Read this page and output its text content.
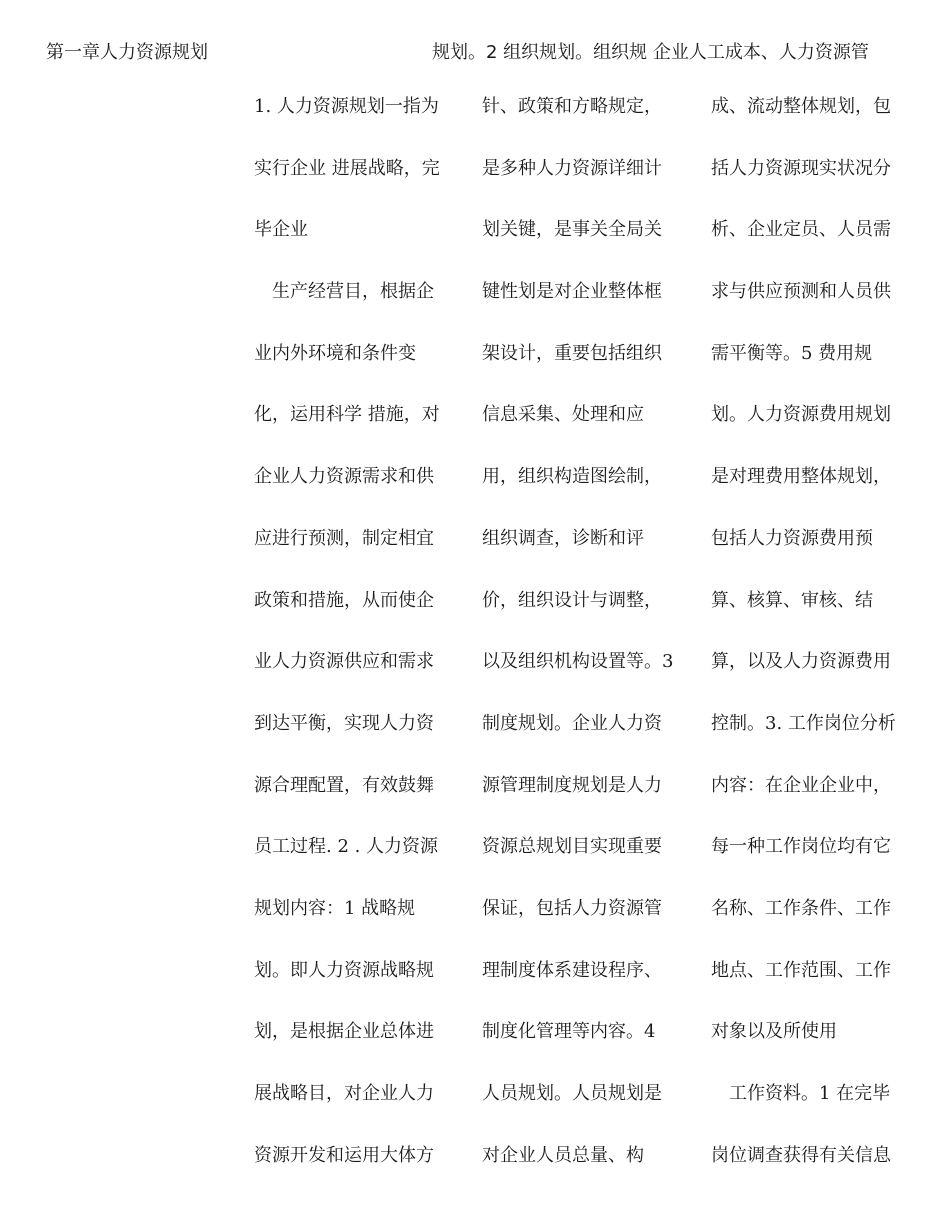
第一章人力资源规划	规划。2 组织规划。组织规 企业人工成本、人力资源管
1. 人力资源规划一指为
实行企业 进展战略，完
毕企业
　生产经营目，根据企
业内外环境和条件变
化，运用科学 措施，对
企业人力资源需求和供
应进行预测，制定相宜
政策和措施，从而使企
业人力资源供应和需求
到达平衡，实现人力资
源合理配置，有效鼓舞
员工过程. 2 . 人力资源
规划内容：1 战略规
划。即人力资源战略规
划，是根据企业总体进
展战略目，对企业人力
资源开发和运用大体方
针、政策和方略规定，
是多种人力资源详细计
划关键，是事关全局关
键性划是对企业整体框
架设计，重要包括组织
信息采集、处理和应
用，组织构造图绘制，
组织调查，诊断和评
价，组织设计与调整，
以及组织机构设置等。3
制度规划。企业人力资
源管理制度规划是人力
资源总规划目实现重要
保证，包括人力资源管
理制度体系建设程序、
制度化管理等内容。4
人员规划。人员规划是
对企业人员总量、构
成、流动整体规划，包
括人力资源现实状况分
析、企业定员、人员需
求与供应预测和人员供
需平衡等。5 费用规
划。人力资源费用规划
是对理费用整体规划，
包括人力资源费用预
算、核算、审核、结
算，以及人力资源费用
控制。3. 工作岗位分析
内容：在企业企业中，
每一种工作岗位均有它
名称、工作条件、工作
地点、工作范围、工作
对象以及所使用
　工作资料。1 在完毕
岗位调查获得有关信息
